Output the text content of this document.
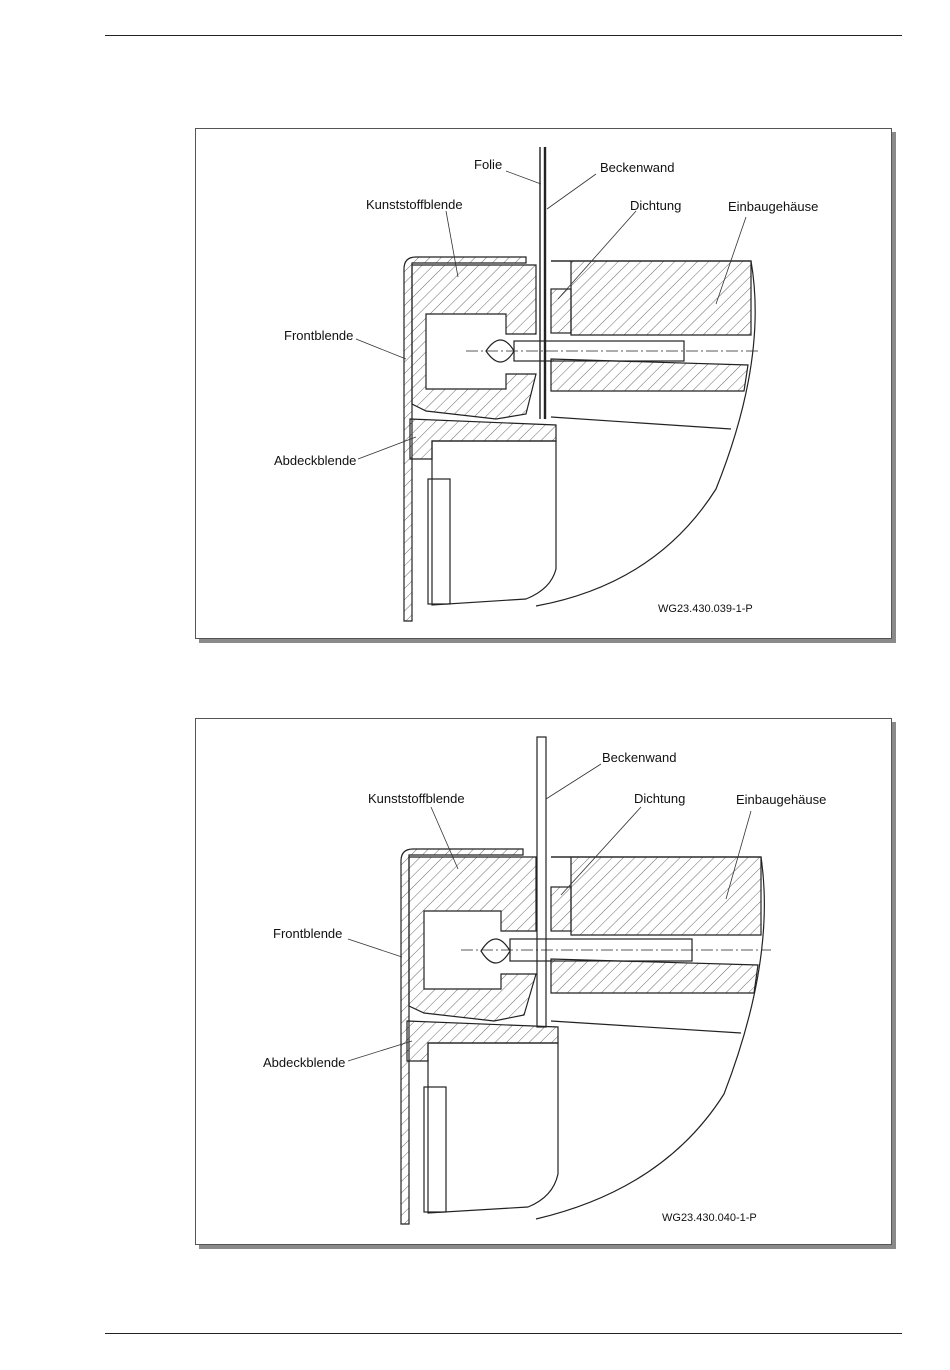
Folie	Beckenwand
Kunststoffblende	Dichtung	Einbaugehäuse
Frontblende
Abdeckblende
WG23.430.039-1-P
Beckenwand
Kunststoffblende	Dichtung	Einbaugehäuse
Frontblende
Abdeckblende
WG23.430.040-1-P
